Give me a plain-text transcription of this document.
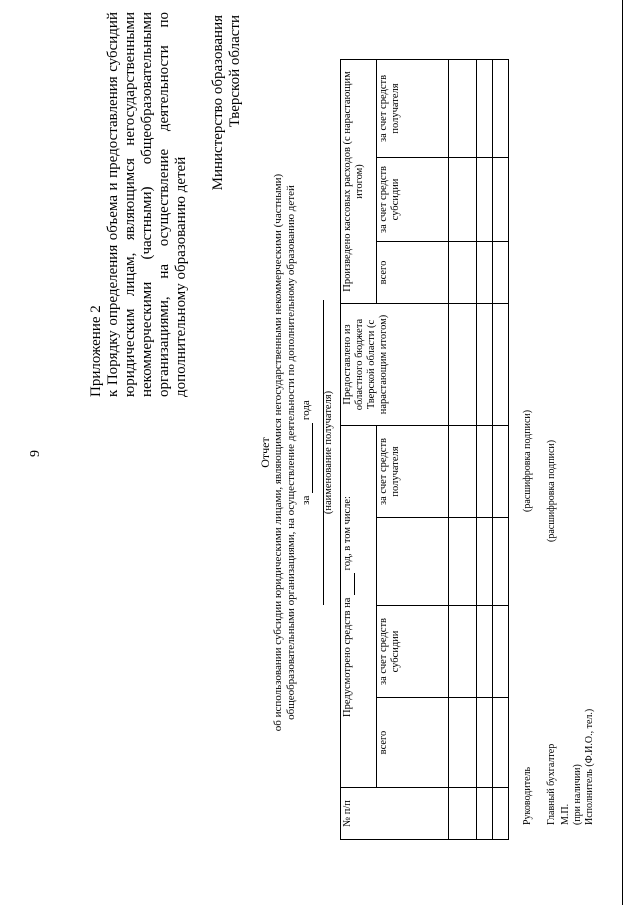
9
Приложение 2 к Порядку определения объема и предоставления субсидий юридическим лицам, являющимся негосударственными некоммерческими (частными) общеобразовательными организациями, на осуществление деятельности по дополнительному образованию детей
Министерство образования Тверской области
Отчет об использовании субсидии юридическими лицами, являющимися негосударственными некоммерческими (частными) общеобразовательными организациями, на осуществление деятельности по дополнительному образованию детей за   года (наименование получателя)
№ п/п	Предусмотрено средств на   год, в том числе:				Предоставлено из областного бюджета Тверской области (с нарастающим итогом)	Произведено кассовых расходов (с нарастающим итогом)		
	всего	за счет средств субсидии		за счет средств получателя		всего	за счет средств субсидии	за счет средств получателя

Руководитель
(расшифровка подписи)
Главный бухгалтер
(расшифровка подписи)
М.П. (при наличии) Исполнитель (Ф.И.О., тел.)
